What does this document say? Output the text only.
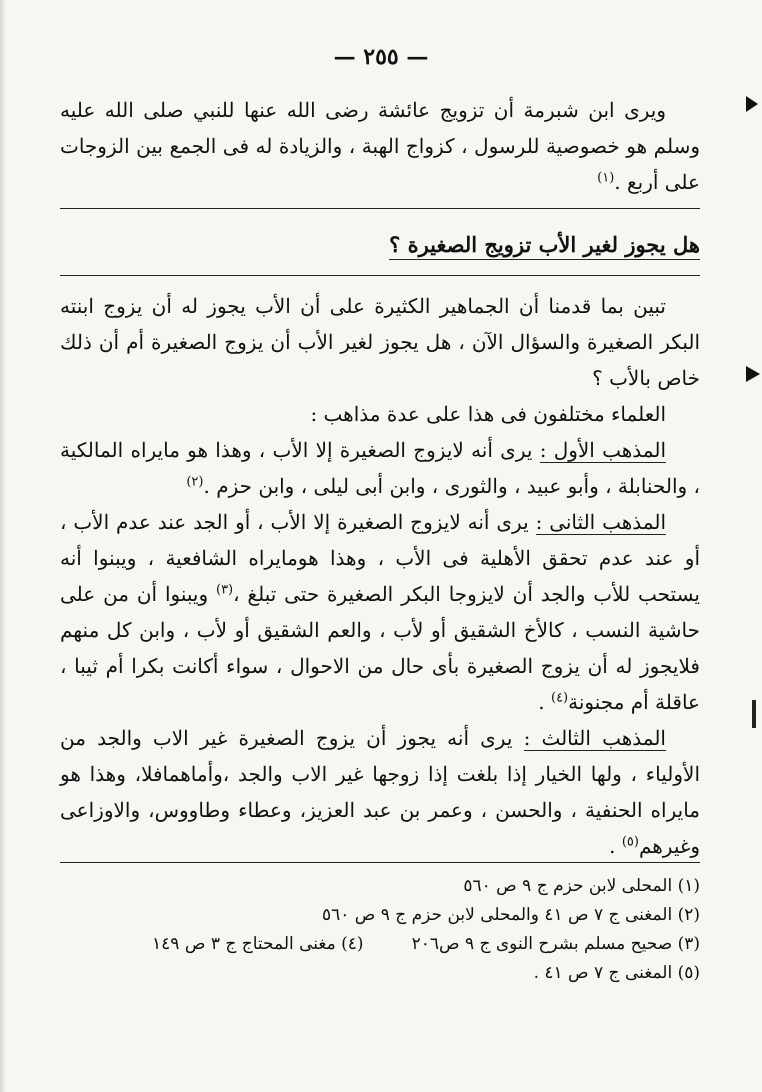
— ٢٥٥ —

ويرى ابن شبرمة أن تزويج عائشة رضى الله عنها للنبي صلى الله عليه وسلم هو خصوصية للرسول ، كزواج الهبة ، والزيادة له فى الجمع بين الزوجات على أربع .$^{(١)}$

هل يجوز لغير الأب تزويج الصغيرة ؟

تبين بما قدمنا أن الجماهير الكثيرة على أن الأب يجوز له أن يزوج ابنته البكر الصغيرة والسؤال الآن ، هل يجوز لغير الأب أن يزوج الصغيرة أم أن ذلك خاص بالأب ؟

العلماء مختلفون فى هذا على عدة مذاهب :

المذهب الأول : يرى أنه لايزوج الصغيرة إلا الأب ، وهذا هو مايراه المالكية ، والحنابلة ، وأبو عبيد ، والثورى ، وابن أبى ليلى ، وابن حزم .$^{(٢)}$

المذهب الثانى : يرى أنه لايزوج الصغيرة إلا الأب ، أو الجد عند عدم الأب ، أو عند عدم تحقق الأهلية فى الأب ، وهذا هومايراه الشافعية ، ويبنوا أنه يستحب للأب والجد أن لايزوجا البكر الصغيرة حتى تبلغ ،$^{(٣)}$ ويبنوا أن من على حاشية النسب ، كالأخ الشقيق أو لأب ، والعم الشقيق أو لأب ، وابن كل منهم فلايجوز له أن يزوج الصغيرة بأى حال من الاحوال ، سواء أكانت بكرا أم ثيبا ، عاقلة أم مجنونة$^{(٤)}$ .

المذهب الثالث : يرى أنه يجوز أن يزوج الصغيرة غير الاب والجد من الأولياء ، ولها الخيار إذا بلغت إذا زوجها غير الاب والجد ،وأماهمافلا، وهذا هو مايراه الحنفية ، والحسن ، وعمر بن عبد العزيز، وعطاء وطاووس، والاوزاعى وغيرهم$^{(٥)}$ .

(١) المحلى لابن حزم ج ٩ ص ٥٦٠
(٢) المغنى ج ٧ ص ٤١ والمحلى لابن حزم ج ٩ ص ٥٦٠
(٣) صحيح مسلم بشرح النوى ج ٩ ص٢٠٦
(٤) مغنى المحتاج ج ٣ ص ١٤٩
(٥) المغنى ج ٧ ص ٤١ .
